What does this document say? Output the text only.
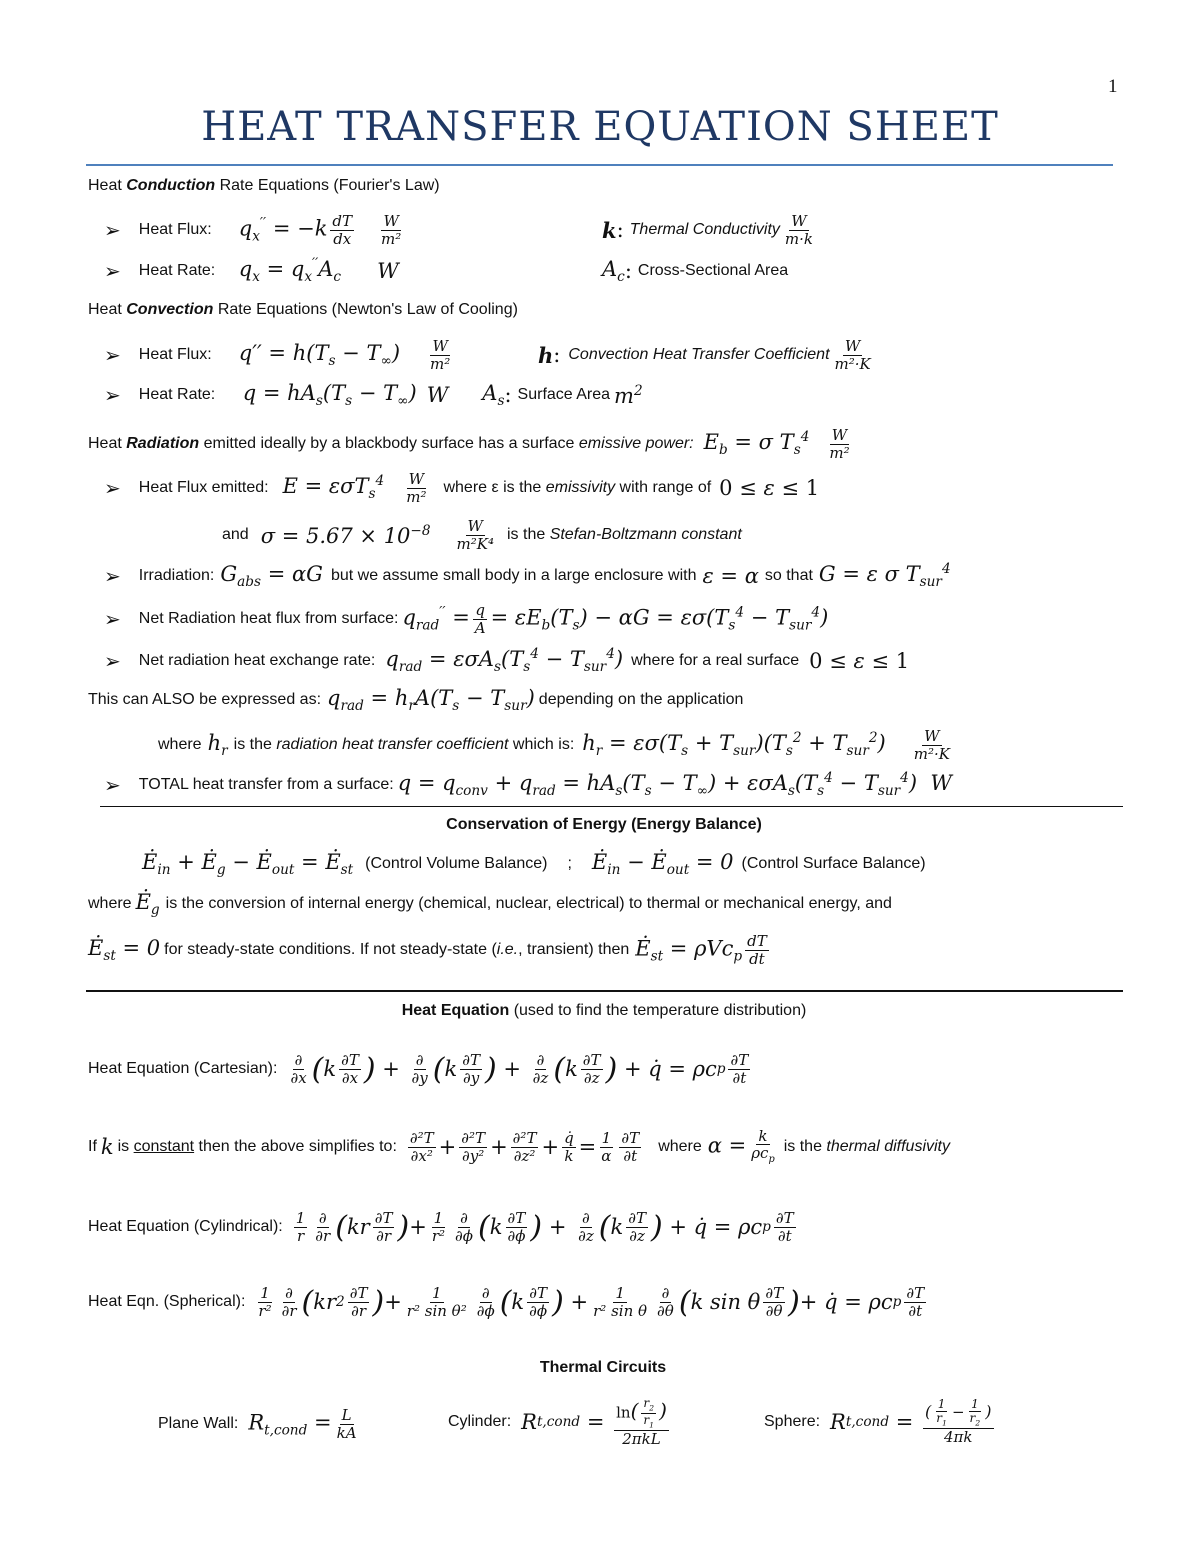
1
HEAT TRANSFER EQUATION SHEET
Heat Conduction Rate Equations (Fourier's Law)
➢ Heat Flux:	$q_x'' = -k \frac{dT}{dx} \frac{W}{\text{m²}}$	k : Thermal Conductivity $\frac{W}{m\cdot k}$
➢ Heat Rate:	$q_x = q_x''A_c$ W	$A_c$ : Cross-Sectional Area
Heat Convection Rate Equations (Newton's Law of Cooling)
➢ Heat Flux:	$q'' = h(T_s - T_\infty) \frac{W}{\text{m²}}$	h : Convection Heat Transfer Coefficient $\frac{W}{\text{m²·K}}$
➢ Heat Rate:	$q = hA_s(T_s - T_\infty)$ W $A_s$ : Surface Area $m^2$
Heat Radiation emitted ideally by a blackbody surface has a surface emissive power: $E_b = \sigma$ $T_s^4 \frac{W}{\text{m²}}$
➢ Heat Flux emitted: $E = \varepsilon\sigma T_s^4 \frac{W}{\text{m²}}$ where ε is the emissivity with range of 0 ≤ ε ≤ 1
and $\sigma = 5.67 \times 10^{-8} \frac{W}{\text{m²K⁴}}$ is the Stefan-Boltzmann constant
➢ Irradiation: $G_{abs} = \alpha G$ but we assume small body in a large enclosure with ε = α so that G = ε σ $T_{sur}^4$
➢ Net Radiation heat flux from surface: $q_{rad}'' = \frac{q}{A} = \varepsilon E_b(T_s) - \alpha G = \varepsilon\sigma(T_s^4 - T_{sur}^4)$
➢ Net radiation heat exchange rate: $q_{rad} = \varepsilon\sigma A_s(T_s^4 - T_{sur}^4)$ where for a real surface 0 ≤ ε ≤ 1
This can ALSO be expressed as: $q_{rad} = h_rA(T_s - T_{sur})$ depending on the application
where $h_r$ is the radiation heat transfer coefficient which is: $h_r = \varepsilon\sigma(T_s + T_{sur})(T_s^2 + T_{sur}^2) \frac{W}{\text{m²·K}}$
➢ TOTAL heat transfer from a surface: $q = q_{conv} + q_{rad} = hA_s(T_s - T_\infty) + \varepsilon\sigma A_s(T_s^4 - T_{sur}^4)$  W
Conservation of Energy (Energy Balance)
$Ė_{in}$ + $Ė_g$ − $Ė_{out}$ = $Ė_{st}$ (Control Volume Balance) ; $Ė_{in}$ − $Ė_{out} = 0$ (Control Surface Balance)
where $Ė_g$ is the conversion of internal energy (chemical, nuclear, electrical) to thermal or mechanical energy, and
$Ė_{st} = 0$ for steady-state conditions. If not steady-state (i.e., transient) then $Ė_{st} = \rho Vc_p \frac{dT}{dt}$
Heat Equation (used to find the temperature distribution)
Heat Equation (Cartesian): $\frac{\partial}{\partial x}$ ( k $\frac{\partial T}{\partial x}$ ) + $\frac{\partial}{\partial y}$ ( k $\frac{\partial T}{\partial y}$ ) + $\frac{\partial}{\partial z}$ ( k $\frac{\partial T}{\partial z}$ ) + q̇ = ρc p $\frac{\partial T}{\partial t}$
If k is constant then the above simplifies to: $\frac{\text{∂²T}}{\text{∂x²}} + \frac{\text{∂²T}}{\text{∂y²}} + \frac{\text{∂²T}}{\text{∂z²}} + \frac{q̇}{k} = \frac{1}{\alpha} \frac{\partial T}{\partial t}$ where $\alpha = \frac{k}{\rho c_p}$ is the thermal diffusivity
Heat Equation (Cylindrical): $\frac{1}{r} \frac{\partial}{\partial r}$ ( kr $\frac{\partial T}{\partial r}$ ) + $\frac{1}{\text{r²}} \frac{\partial}{\partial\phi}$ ( k $\frac{\partial T}{\partial\phi}$ ) + $\frac{\partial}{\partial z}$ ( k $\frac{\partial T}{\partial z}$ ) + q̇ = ρc p $\frac{\partial T}{\partial t}$
Heat Eqn. (Spherical): $\frac{1}{\text{r²}} \frac{\partial}{\partial r}$ ( kr $2 \frac{\partial T}{\partial r}$ ) + $\frac{1}{\text{r² sin θ²}} \frac{\partial}{\partial\phi}$ ( k $\frac{\partial T}{\partial\phi}$ ) + $\frac{1}{\text{r² sin θ}} \frac{\partial}{\partial\theta}$ ( k sin θ $\frac{\partial T}{\partial\theta}$ ) + q̇ = ρc p $\frac{\partial T}{\partial t}$
Thermal Circuits
Plane Wall: $R_{t,cond} = \frac{L}{kA}$	Cylinder: R t,cond = $\frac{\ln( \frac{r_2}{r_1} )}{\text{2πkL}}$	Sphere: R t,cond = $\frac{( \frac{1}{r_1} - \frac{1}{r_2} )}{4\pi k}$
